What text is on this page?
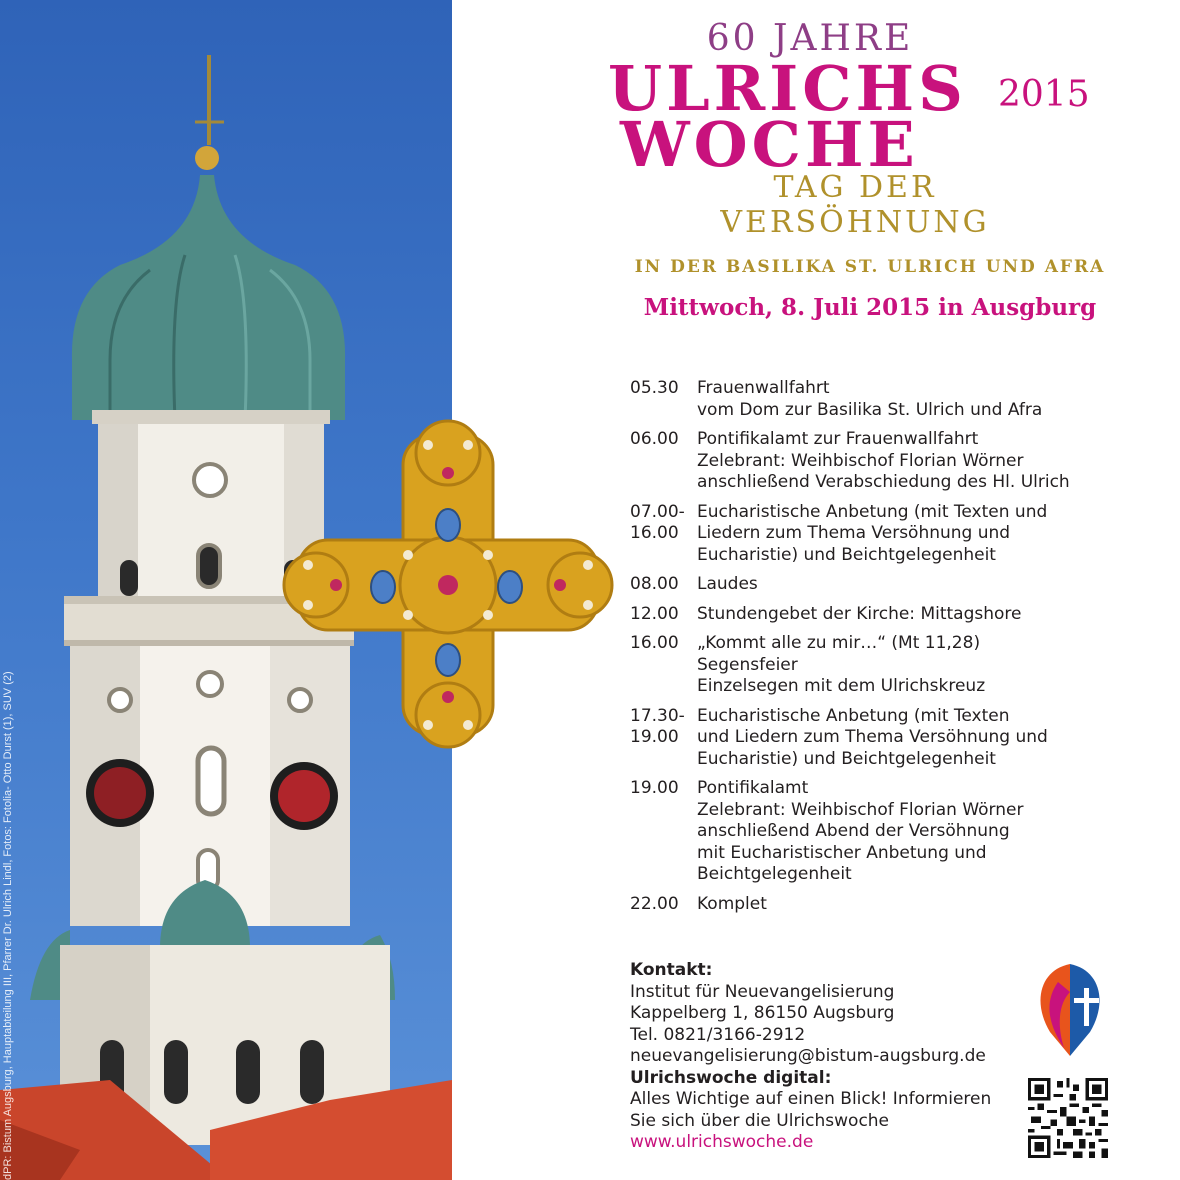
dPR: Bistum Augsburg, Hauptabteilung III, Pfarrer Dr. Ulrich Lindl, Fotos: Fotolia- Otto Durst (1), SUV (2)
60 JAHRE
ULRICHS 2015
WOCHE
TAG DER
VERSÖHNUNG
IN DER BASILIKA ST. ULRICH UND AFRA
Mittwoch, 8. Juli 2015 in Ausgburg
05.30	Frauenwallfahrt
vom Dom zur Basilika St. Ulrich und Afra
06.00	Pontifikalamt zur Frauenwallfahrt
Zelebrant: Weihbischof Florian Wörner
anschließend Verabschiedung des Hl. Ulrich
07.00-
16.00
Eucharistische Anbetung (mit Texten und
Liedern zum Thema Versöhnung und
Eucharistie) und Beichtgelegenheit
08.00	Laudes
12.00	Stundengebet der Kirche: Mittagshore
16.00	„Kommt alle zu mir…“ (Mt 11,28)
Segensfeier
Einzelsegen mit dem Ulrichskreuz
17.30-
19.00
Eucharistische Anbetung (mit Texten
und Liedern zum Thema Versöhnung und
Eucharistie) und Beichtgelegenheit
19.00	Pontifikalamt
Zelebrant: Weihbischof Florian Wörner
anschließend Abend der Versöhnung
mit Eucharistischer Anbetung und
Beichtgelegenheit
22.00	Komplet
Kontakt:
Institut für Neuevangelisierung
Kappelberg 1, 86150 Augsburg
Tel. 0821/3166-2912
neuevangelisierung@bistum-augsburg.de
Ulrichswoche digital:
Alles Wichtige auf einen Blick! Informieren
Sie sich über die Ulrichswoche
www.ulrichswoche.de
